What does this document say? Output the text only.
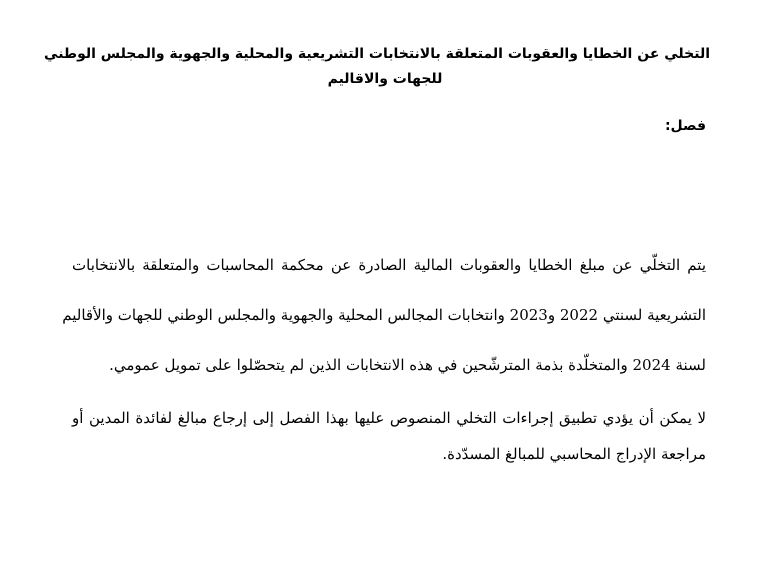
التخلي عن الخطايا والعقوبات المتعلقة بالانتخابات التشريعية والمحلية والجهوية والمجلس الوطني
للجهات والاقاليم

فصل:

يتم التخلّي عن مبلغ الخطايا والعقوبات المالية الصادرة عن محكمة المحاسبات والمتعلقة بالانتخابات
التشريعية لسنتي 2022 و2023 وانتخابات المجالس المحلية والجهوية والمجلس الوطني للجهات والأقاليم
لسنة 2024 والمتخلّدة بذمة المترشّحين في هذه الانتخابات الذين لم يتحصّلوا على تمويل عمومي.

لا يمكن أن يؤدي تطبيق إجراءات التخلي المنصوص عليها بهذا الفصل إلى إرجاع مبالغ لفائدة المدين أو
مراجعة الإدراج المحاسبي للمبالغ المسدّدة.
